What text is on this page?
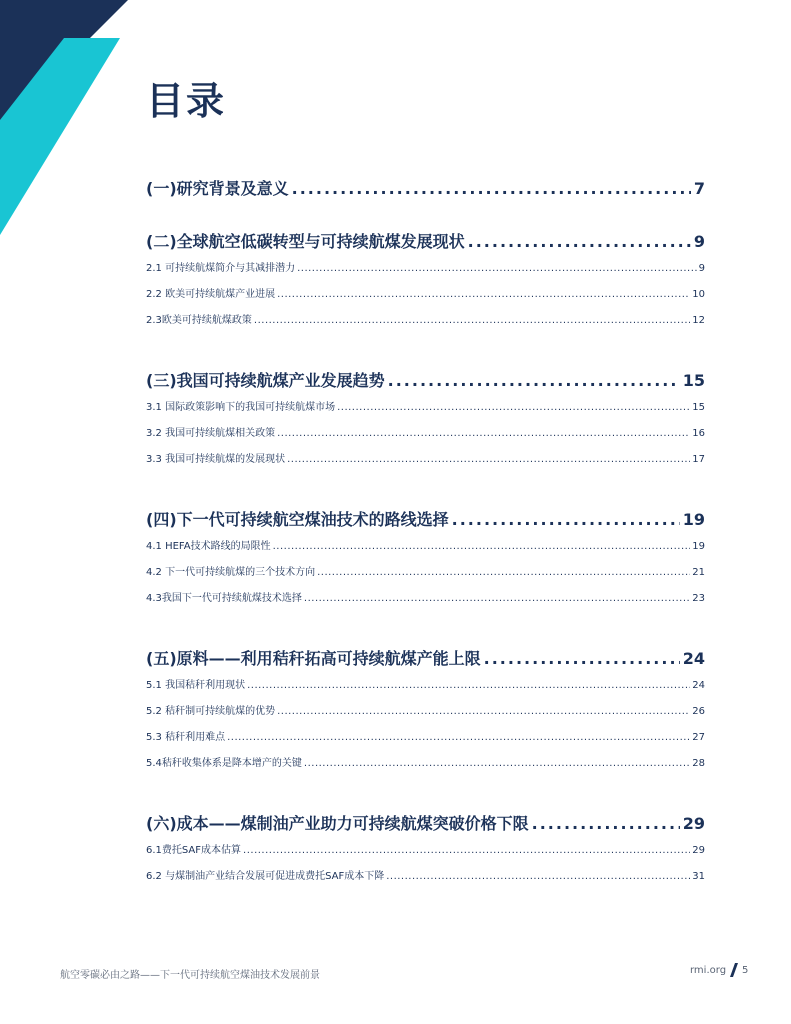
目录
(一)研究背景及意义 .....	7
(二)全球航空低碳转型与可持续航煤发展现状 .....	9
2.1 可持续航煤简介与其减排潜力 .....	9
2.2 欧美可持续航煤产业进展 .....	10
2.3欧美可持续航煤政策 .....	12
(三)我国可持续航煤产业发展趋势 .....	15
3.1 国际政策影响下的我国可持续航煤市场 .....	15
3.2 我国可持续航煤相关政策 .....	16
3.3 我国可持续航煤的发展现状 .....	17
(四)下一代可持续航空煤油技术的路线选择 .....	19
4.1 HEFA技术路线的局限性 .....	19
4.2 下一代可持续航煤的三个技术方向 .....	21
4.3我国下一代可持续航煤技术选择 .....	23
(五)原料——利用秸秆拓高可持续航煤产能上限 .....	24
5.1 我国秸秆利用现状 .....	24
5.2 秸秆制可持续航煤的优势 .....	26
5.3 秸秆利用难点 .....	27
5.4秸秆收集体系是降本增产的关键 .....	28
(六)成本——煤制油产业助力可持续航煤突破价格下限 .....	29
6.1费托SAF成本估算 .....	29
6.2 与煤制油产业结合发展可促进成费托SAF成本下降 .....	31
航空零碳必由之路——下一代可持续航空煤油技术发展前景	rmi.org 5
